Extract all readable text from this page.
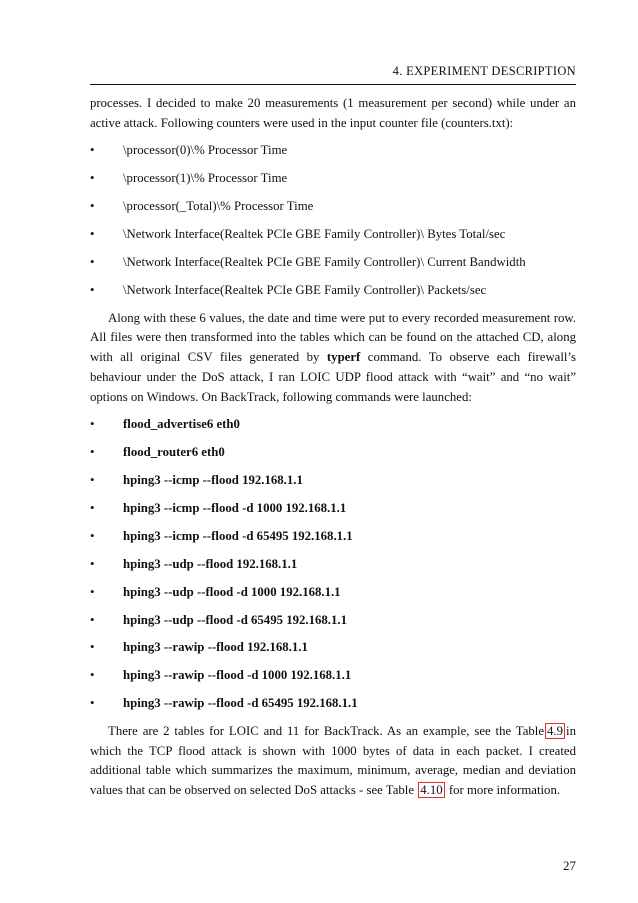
4. EXPERIMENT DESCRIPTION

processes. I decided to make 20 measurements (1 measurement per second) while under an active attack. Following counters were used in the input counter file (counters.txt):

• \processor(0)\% Processor Time
• \processor(1)\% Processor Time
• \processor(_Total)\% Processor Time
• \Network Interface(Realtek PCIe GBE Family Controller)\ Bytes Total/sec
• \Network Interface(Realtek PCIe GBE Family Controller)\ Current Bandwidth
• \Network Interface(Realtek PCIe GBE Family Controller)\ Packets/sec

Along with these 6 values, the date and time were put to every recorded measurement row. All files were then transformed into the tables which can be found on the attached CD, along with all original CSV files generated by typerf command. To observe each firewall’s behaviour under the DoS attack, I ran LOIC UDP flood attack with “wait” and “no wait” options on Windows. On BackTrack, following commands were launched:

• flood_advertise6 eth0
• flood_router6 eth0
• hping3 --icmp --flood 192.168.1.1
• hping3 --icmp --flood -d 1000 192.168.1.1
• hping3 --icmp --flood -d 65495 192.168.1.1
• hping3 --udp --flood 192.168.1.1
• hping3 --udp --flood -d 1000 192.168.1.1
• hping3 --udp --flood -d 65495 192.168.1.1
• hping3 --rawip --flood 192.168.1.1
• hping3 --rawip --flood -d 1000 192.168.1.1
• hping3 --rawip --flood -d 65495 192.168.1.1

There are 2 tables for LOIC and 11 for BackTrack. As an example, see the Table 4.9 in which the TCP flood attack is shown with 1000 bytes of data in each packet. I created additional table which summarizes the maximum, minimum, average, median and deviation values that can be observed on selected DoS attacks - see Table 4.10 for more information.

27
